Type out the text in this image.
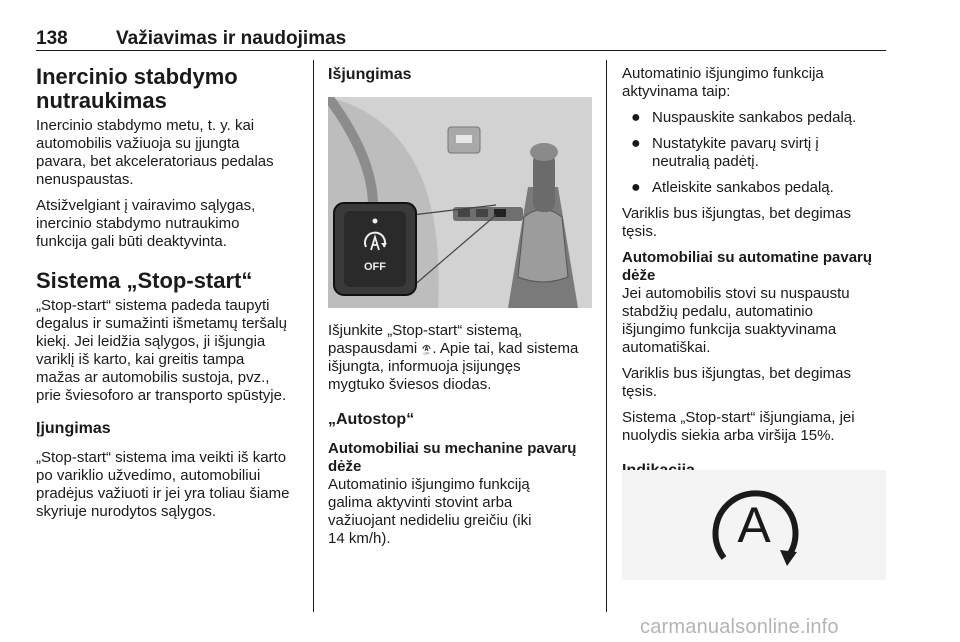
138	Važiavimas ir naudojimas
Inercinio stabdymo
nutraukimas

Inercinio stabdymo metu, t. y. kai
automobilis važiuoja su įjungta
pavara, bet akceleratoriaus pedalas
nenuspaustas.

Atsižvelgiant į vairavimo sąlygas,
inercinio stabdymo nutraukimo
funkcija gali būti deaktyvinta.

Sistema „Stop-start“

„Stop-start“ sistema padeda taupyti
degalus ir sumažinti išmetamų teršalų
kiekį. Jei leidžia sąlygos, ji išjungia
variklį iš karto, kai greitis tampa
mažas ar automobilis sustoja, pvz.,
prie šviesoforo ar transporto spūstyje.

Įjungimas

„Stop-start“ sistema ima veikti iš karto
po variklio užvedimo, automobiliui
pradėjus važiuoti ir jei yra toliau šiame
skyriuje nurodytos sąlygos.

Išjungimas
OFF

Išjunkite „Stop-start“ sistemą,
paspausdami OFF . Apie tai, kad sistema
išjungta, informuoja įsijungęs
mygtuko šviesos diodas.

„Autostop“
Automobiliai su mechanine pavarų
dėže

Automatinio išjungimo funkciją
galima aktyvinti stovint arba
važiuojant nedideliu greičiu (iki
14 km/h).

Automatinio išjungimo funkcija
aktyvinama taip:

● Nuspauskite sankabos pedalą.
● Nustatykite pavarų svirtį į
neutralią padėtį.
● Atleiskite sankabos pedalą.

Variklis bus išjungtas, bet degimas
tęsis.

Automobiliai su automatine pavarų
dėže

Jei automobilis stovi su nuspaustu
stabdžių pedalu, automatinio
išjungimo funkcija suaktyvinama
automatiškai.

Variklis bus išjungtas, bet degimas
tęsis.

Sistema „Stop-start“ išjungiama, jei
nuolydis siekia arba viršija 15%.

A
carmanualsonline.info
